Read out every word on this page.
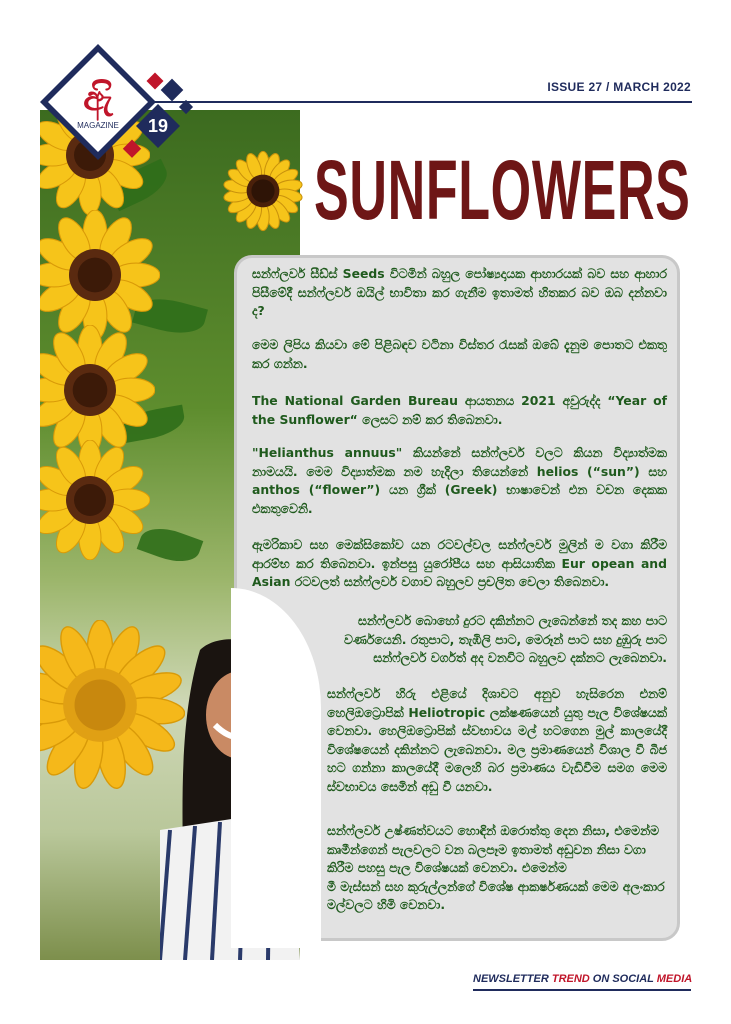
19
ඇි
MAGAZINE
ISSUE 27 / MARCH 2022
SUNFLOWERS
සන්ෆ්ලවර් සීඩ්ස් Seeds විටමින් බහුල පෝෂ්‍යදායක ආහාරයක් බව සහ ආහාර පිසීමේදී සන්ෆ්ලවර් ඔයිල් භාවිතා කර ගැනීම ඉතාමත් හිතකර බව ඔබ දන්නවා ද?
මෙම ලිපිය කියවා මේ පිළිබඳව වටිනා විස්තර රැසක් ඔබේ දැනුම පොතට එකතු කර ගන්න.
The National Garden Bureau ආයතනය 2021 අවුරුද්ද “Year of the Sunflower“ ලෙසට නම් කර තිබෙනවා.
"Helianthus annuus" කියන්නේ සන්ෆ්ලවර් වලට කියන විද්‍යාත්මක නාමයයි. මෙම විද්‍යාත්මක නම හැදිලා තියෙන්නේ helios (“sun”) සහ anthos (“flower”) යන ග්‍රීක් (Greek) භාෂාවෙන් එන වචන දෙකක එකතුවෙනි.
ඇමරිකාව සහ මෙක්සිකෝව යන රටවල්වල සන්ෆ්ලවර් මුලින් ම වගා කිරීම ආරම්භ කර තිබෙනවා. ඉන්පසු යුරෝපීය සහ ආසියාතික Eur opean and Asian රටවලත් සන්ෆ්ලවර් වගාව බහුලව ප්‍රචලිත වෙලා තිබෙනවා.
සන්ෆ්ලවර් බොහෝ දුරට දකින්නට ලැබෙන්නේ තද කහ පාට වර්ණයෙනි. රතුපාට, තැඹිලි පාට, මෙරූන් පාට සහ දුඹුරු පාට සන්ෆ්ලවර් වර්ගත් අද වනවිට බහුලව දක්නට ලැබෙනවා.
සන්ෆ්ලවර් හිරු එළියේ දිශාවට අනුව හැසිරෙන එනම් හෙලිඔට්‍රොපික් Heliotropic ලක්ෂණයෙන් යුතු පැල විශේෂයක් වෙනවා. හෙලිඔට්‍රොපික් ස්වභාවය මල් හටගෙන මුල් කාලයේදී විශේෂයෙන් දකින්නට ලැබෙනවා. මල ප්‍රමාණයෙන් විශාල වී බීජ හට ගන්නා කාලයේදී මලෙහි බර ප්‍රමාණය වැඩිවීම සමග මෙම ස්වභාවය සෙමින් අඩු වී යනවා.
සන්ෆ්ලවර් උෂ්ණත්වයට හොඳින් ඔරොත්තු දෙන නිසා, එමෙන්ම කෘමීන්ගෙන් පැලවලට වන බලපෑම ඉතාමත් අඩුවන නිසා වගා කිරීම පහසු පැල විශේෂයක් වෙනවා. එමෙන්ම
මී මැස්සන් සහ කුරුල්ලන්ගේ විශේෂ ආකර්ෂණයක් මෙම අලංකාර මල්වලට හිමි වෙනවා.
NEWSLETTER TREND ON SOCIAL MEDIA
